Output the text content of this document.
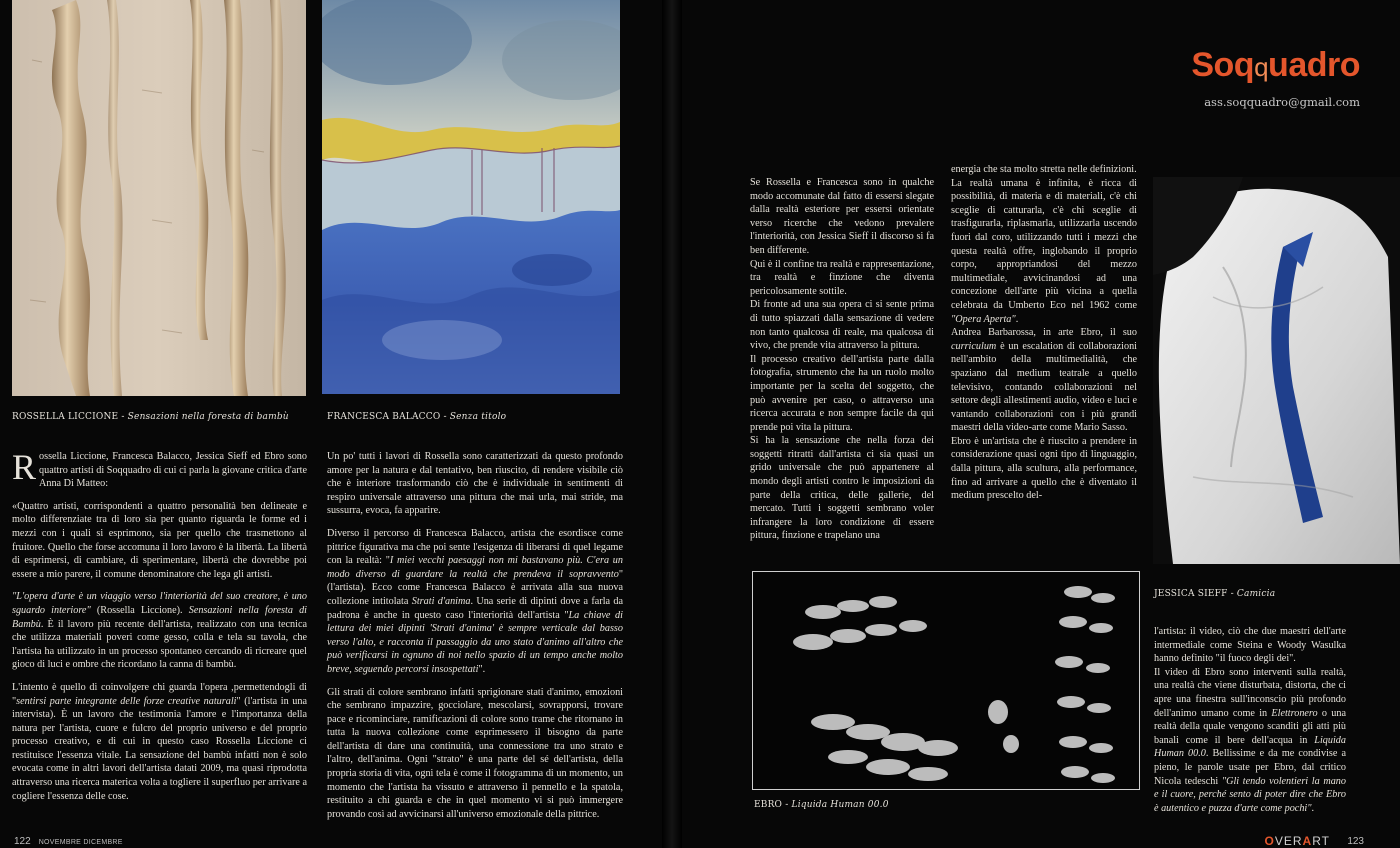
ROSSELLA LICCIONE - Sensazioni nella foresta di bambù	FRANCESCA BALACCO - Senza titolo

Rossella Liccione, Francesca Balacco, Jessica Sieff ed Ebro sono quattro artisti di Soqquadro di cui ci parla la giovane critica d'arte Anna Di Matteo:

«Quattro artisti, corrispondenti a quattro personalità ben delineate e molto differenziate tra di loro sia per quanto riguarda le forme ed i mezzi con i quali si esprimono, sia per quello che trasmettono al fruitore. Quello che forse accomuna il loro lavoro è la libertà. La libertà di esprimersi, di cambiare, di sperimentare, libertà che dovrebbe poi essere a mio parere, il comune denominatore che lega gli artisti.

"L'opera d'arte è un viaggio verso l'interiorità del suo creatore, è uno sguardo interiore" (Rossella Liccione). Sensazioni nella foresta di Bambù. È il lavoro più recente dell'artista, realizzato con una tecnica che utilizza materiali poveri come gesso, colla e tela su tavola, che l'artista ha utilizzato in un processo spontaneo cercando di ricreare quel gioco di luci e ombre che ricordano la canna di bambù.

L'intento è quello di coinvolgere chi guarda l'opera ,permettendogli di "sentirsi parte integrante delle forze creative naturali" (l'artista in una intervista). È un lavoro che testimonia l'amore e l'importanza della natura per l'artista, cuore e fulcro del proprio universo e del proprio processo creativo, e di cui in questo caso Rossella Liccione ci restituisce l'essenza vitale. La sensazione del bambù infatti non è solo evocata come in altri lavori dell'artista datati 2009, ma quasi riprodotta attraverso una ricerca materica volta a togliere il superfluo per arrivare a cogliere l'essenza delle cose.

Un po' tutti i lavori di Rossella sono caratterizzati da questo profondo amore per la natura e dal tentativo, ben riuscito, di rendere visibile ciò che è interiore trasformando ciò che è individuale in sentimenti di respiro universale attraverso una pittura che mai urla, mai stride, ma sussurra, evoca, fa apparire.

Diverso il percorso di Francesca Balacco, artista che esordisce come pittrice figurativa ma che poi sente l'esigenza di liberarsi di quel legame con la realtà: "I miei vecchi paesaggi non mi bastavano più. C'era un modo diverso di guardare la realtà che prendeva il sopravvento" (l'artista). Ecco come Francesca Balacco è arrivata alla sua nuova collezione intitolata Strati d'anima. Una serie di dipinti dove a farla da padrona è anche in questo caso l'interiorità dell'artista "La chiave di lettura dei miei dipinti 'Strati d'anima' è sempre verticale dal basso verso l'alto, e racconta il passaggio da uno stato d'animo all'altro che può verificarsi in ognuno di noi nello spazio di un tempo anche molto breve, seguendo percorsi insospettati".

Gli strati di colore sembrano infatti sprigionare stati d'animo, emozioni che sembrano impazzire, gocciolare, mescolarsi, sovrapporsi, trovare pace e ricominciare, ramificazioni di colore sono trame che ritornano in tutta la nuova collezione come esprimessero il bisogno da parte dell'artista di dare una continuità, una connessione tra uno strato e l'altro, dell'anima. Ogni "strato" è una parte del sé dell'artista, della propria storia di vita, ogni tela è come il fotogramma di un momento, un momento che l'artista ha vissuto e attraverso il pennello e la spatola, restituito a chi guarda e che in quel momento vi si può immergere provando così ad avvicinarsi all'universo emozionale della pittrice.

122 NOVEMBRE DICEMBRE
Soqquadro
ass.soqquadro@gmail.com

Se Rossella e Francesca sono in qualche modo accomunate dal fatto di essersi slegate dalla realtà esteriore per essersi orientate verso ricerche che vedono prevalere l'interiorità, con Jessica Sieff il discorso si fa ben differente.
Qui è il confine tra realtà e rappresentazione, tra realtà e finzione che diventa pericolosamente sottile.
Di fronte ad una sua opera ci si sente prima di tutto spiazzati dalla sensazione di vedere non tanto qualcosa di reale, ma qualcosa di vivo, che prende vita attraverso la pittura.
Il processo creativo dell'artista parte dalla fotografia, strumento che ha un ruolo molto importante per la scelta del soggetto, che può avvenire per caso, o attraverso una ricerca accurata e non sempre facile da qui prende poi vita la pittura.
Si ha la sensazione che nella forza dei soggetti ritratti dall'artista ci sia quasi un grido universale che può appartenere al mondo degli artisti contro le imposizioni da parte della critica, delle gallerie, del mercato. Tutti i soggetti sembrano voler infrangere la loro condizione di essere pittura, finzione e trapelano una

energia che sta molto stretta nelle definizioni.
La realtà umana è infinita, è ricca di possibilità, di materia e di materiali, c'è chi sceglie di catturarla, c'è chi sceglie di trasfigurarla, riplasmarla, utilizzarla uscendo fuori dal coro, utilizzando tutti i mezzi che questa realtà offre, inglobando il proprio corpo, appropriandosi del mezzo multimediale, avvicinandosi ad una concezione dell'arte più vicina a quella celebrata da Umberto Eco nel 1962 come "Opera Aperta".
Andrea Barbarossa, in arte Ebro, il suo curriculum è un escalation di collaborazioni nell'ambito della multimedialità, che spaziano dal medium teatrale a quello televisivo, contando collaborazioni nel settore degli allestimenti audio, video e luci e vantando collaborazioni con i più grandi maestri della video-arte come Mario Sasso.
Ebro è un'artista che è riuscito a prendere in considerazione quasi ogni tipo di linguaggio, dalla pittura, alla scultura, alla performance, fino ad arrivare a quello che è diventato il medium prescelto del-

EBRO - Liquida Human 00.0
JESSICA SIEFF - Camicia

l'artista: il video, ciò che due maestri dell'arte intermediale come Steina e Woody Wasulka hanno definito "il fuoco degli dei".
Il video di Ebro sono interventi sulla realtà, una realtà che viene disturbata, distorta, che ci apre una finestra sull'inconscio più profondo dell'animo umano come in Elettronero o una realtà della quale vengono scanditi gli atti più banali come il bere dell'acqua in Liquida Human 00.0. Bellissime e da me condivise a pieno, le parole usate per Ebro, dal critico Nicola tedeschi "Gli tendo volentieri la mano e il cuore, perché sento di poter dire che Ebro è autentico e puzza d'arte come pochi".

OVERART 123
